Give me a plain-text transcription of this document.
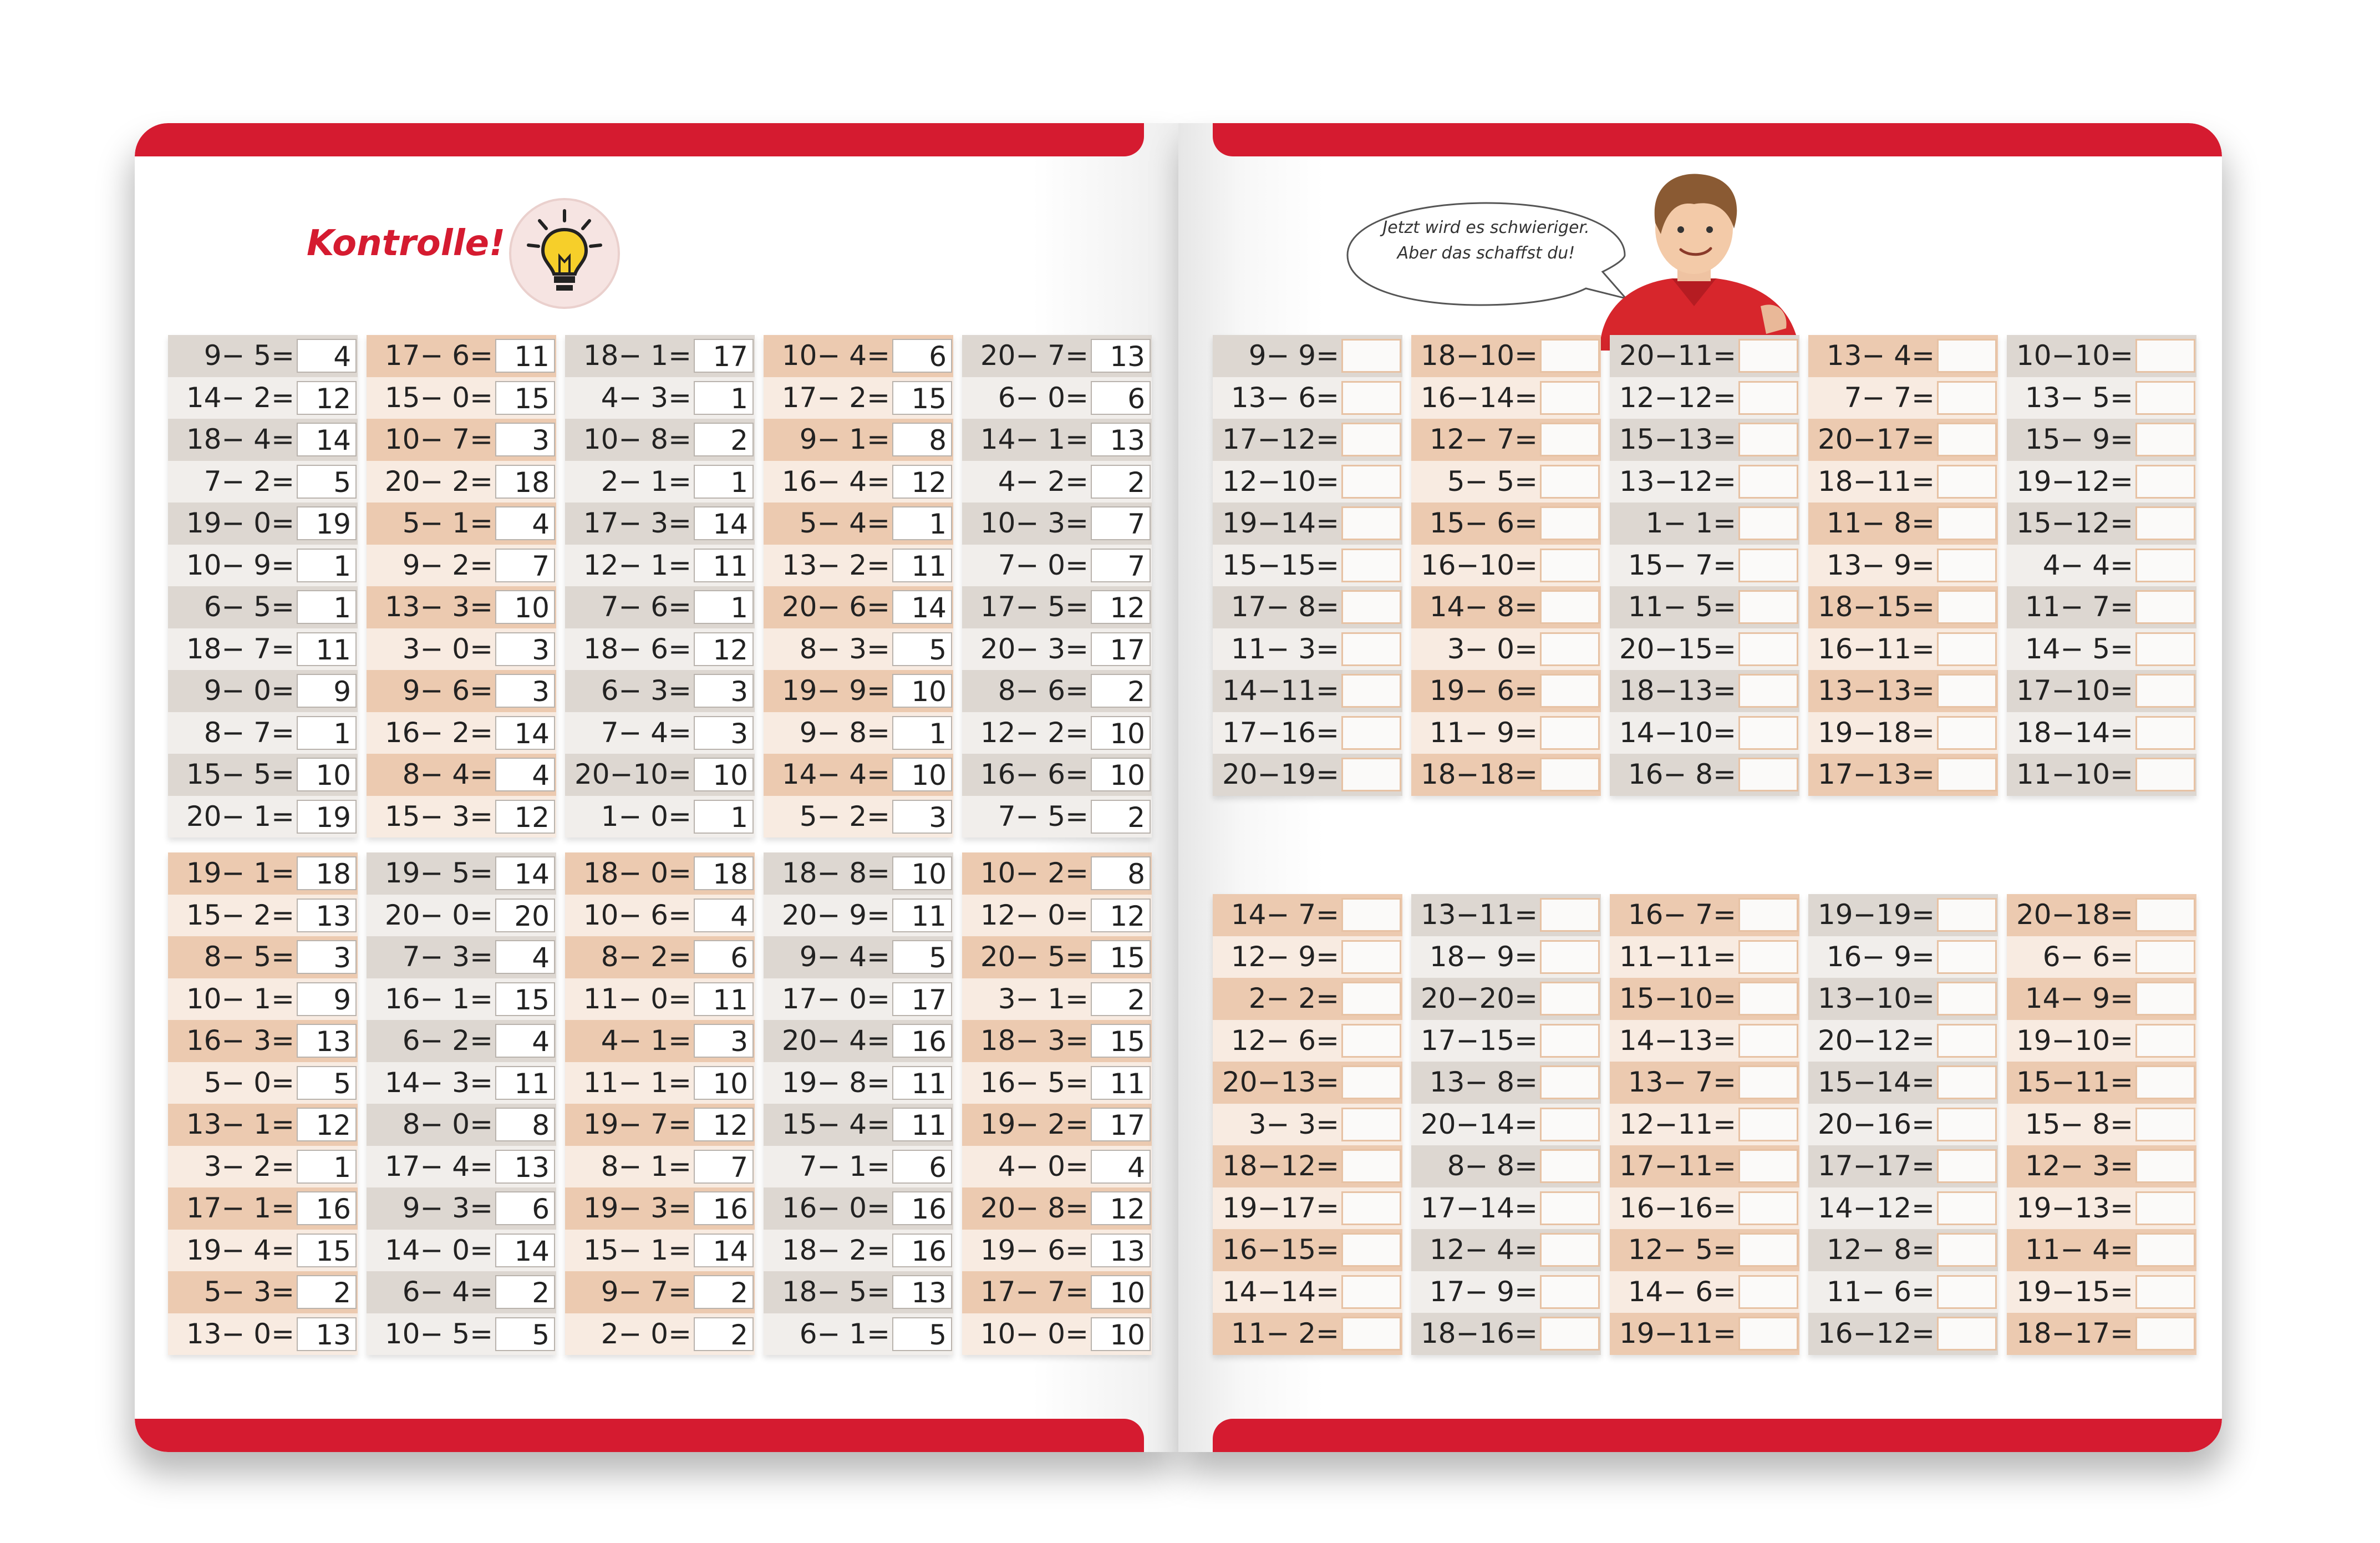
Kontrolle!
9− 5=	4
14− 2= 12
18− 4= 14
7− 2=	5
19− 0= 19
10− 9=	1
6− 5=	1
18− 7= 11
9− 0=	9
8− 7=	1
15− 5= 10
20− 1= 19
17− 6= 11
15− 0= 15
10− 7=	3
20− 2= 18
5− 1=	4
9− 2=	7
13− 3= 10
3− 0=	3
9− 6=	3
16− 2= 14
8− 4=	4
15− 3= 12
18− 1= 17
4− 3=	1
10− 8=	2
2− 1=	1
17− 3= 14
12− 1= 11
7− 6=	1
18− 6= 12
6− 3=	3
7− 4=	3
20−10= 10
1− 0=	1
10− 4=	6
17− 2= 15
9− 1=	8
16− 4= 12
5− 4=	1
13− 2= 11
20− 6= 14
8− 3=	5
19− 9= 10
9− 8=	1
14− 4= 10
5− 2=	3
20− 7= 13
6− 0=	6
14− 1= 13
4− 2=	2
10− 3=	7
7− 0=	7
17− 5= 12
20− 3= 17
8− 6=	2
12− 2= 10
16− 6= 10
7− 5=	2
19− 1= 18
15− 2= 13
8− 5=	3
10− 1=	9
16− 3= 13
5− 0=	5
13− 1= 12
3− 2=	1
17− 1= 16
19− 4= 15
5− 3=	2
13− 0= 13
19− 5= 14
20− 0= 20
7− 3=	4
16− 1= 15
6− 2=	4
14− 3= 11
8− 0=	8
17− 4= 13
9− 3=	6
14− 0= 14
6− 4=	2
10− 5=	5
18− 0= 18
10− 6=	4
8− 2=	6
11− 0= 11
4− 1=	3
11− 1= 10
19− 7= 12
8− 1=	7
19− 3= 16
15− 1= 14
9− 7=	2
2− 0=	2
18− 8= 10
20− 9= 11
9− 4=	5
17− 0= 17
20− 4= 16
19− 8= 11
15− 4= 11
7− 1=	6
16− 0= 16
18− 2= 16
18− 5= 13
6− 1=	5
10− 2=	8
12− 0= 12
20− 5= 15
3− 1=	2
18− 3= 15
16− 5= 11
19− 2= 17
4− 0=	4
20− 8= 12
19− 6= 13
17− 7= 10
10− 0= 10
Jetzt wird es schwieriger.
Aber das schaffst du!
9− 9=
13− 6=
17−12=
12−10=
19−14=
15−15=
17− 8=
11− 3=
14−11=
17−16=
20−19=
18−10=
16−14=
12− 7=
5− 5=
15− 6=
16−10=
14− 8=
3− 0=
19− 6=
11− 9=
18−18=
20−11=
12−12=
15−13=
13−12=
1− 1=
15− 7=
11− 5=
20−15=
18−13=
14−10=
16− 8=
13− 4=
7− 7=
20−17=
18−11=
11− 8=
13− 9=
18−15=
16−11=
13−13=
19−18=
17−13=
10−10=
13− 5=
15− 9=
19−12=
15−12=
4− 4=
11− 7=
14− 5=
17−10=
18−14=
11−10=
14− 7=
12− 9=
2− 2=
12− 6=
20−13=
3− 3=
18−12=
19−17=
16−15=
14−14=
11− 2=
13−11=
18− 9=
20−20=
17−15=
13− 8=
20−14=
8− 8=
17−14=
12− 4=
17− 9=
18−16=
16− 7=
11−11=
15−10=
14−13=
13− 7=
12−11=
17−11=
16−16=
12− 5=
14− 6=
19−11=
19−19=
16− 9=
13−10=
20−12=
15−14=
20−16=
17−17=
14−12=
12− 8=
11− 6=
16−12=
20−18=
6− 6=
14− 9=
19−10=
15−11=
15− 8=
12− 3=
19−13=
11− 4=
19−15=
18−17=
